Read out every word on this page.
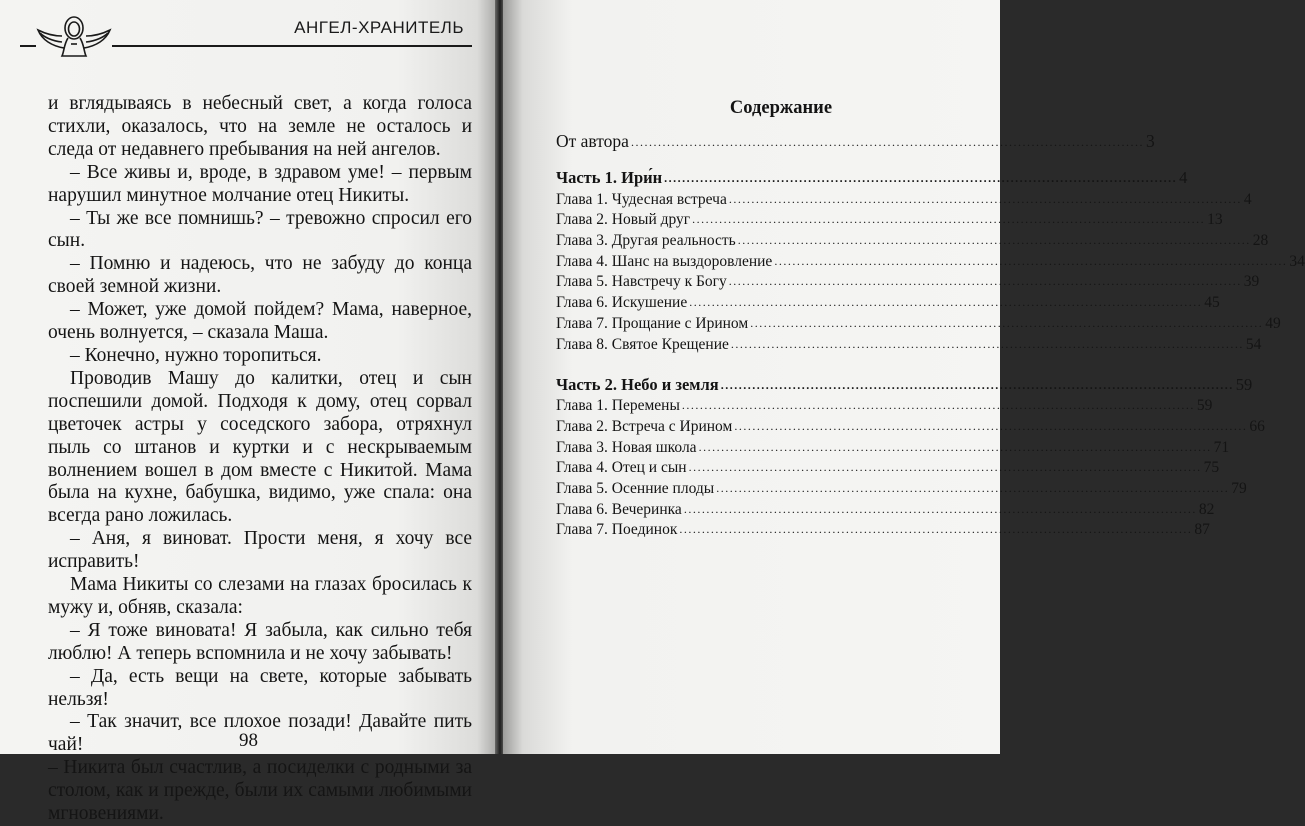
АНГЕЛ-ХРАНИТЕЛЬ

и вглядываясь в небесный свет, а когда голоса стихли, оказалось, что на земле не осталось и следа от недавнего пребывания на ней ангелов.

– Все живы и, вроде, в здравом уме! – первым нарушил минутное молчание отец Никиты.

– Ты же все помнишь? – тревожно спросил его сын.

– Помню и надеюсь, что не забуду до конца своей земной жизни.

– Может, уже домой пойдем? Мама, наверное, очень волнуется, – сказала Маша.

– Конечно, нужно торопиться.

Проводив Машу до калитки, отец и сын поспешили домой. Подходя к дому, отец сорвал цветочек астры у соседского забора, отряхнул пыль со штанов и куртки и с нескрываемым волнением вошел в дом вместе с Никитой. Мама была на кухне, бабушка, видимо, уже спала: она всегда рано ложилась.

– Аня, я виноват. Прости меня, я хочу все исправить!

Мама Никиты со слезами на глазах бросилась к мужу и, обняв, сказала:

– Я тоже виновата! Я забыла, как сильно тебя люблю! А теперь вспомнила и не хочу забывать!

– Да, есть вещи на свете, которые забывать нельзя!

– Так значит, все плохое позади! Давайте пить чай!

– Никита был счастлив, а посиделки с родными за столом, как и прежде, были их самыми любимыми мгновениями.

98
Содержание
От автора .................................................................................................................. 3
Часть 1. Ири́н .................................................................................................................. 4
Глава 1. Чудесная встреча .................................................................................................................. 4
Глава 2. Новый друг .................................................................................................................. 13
Глава 3. Другая реальность .................................................................................................................. 28
Глава 4. Шанс на выздоровление .................................................................................................................. 34
Глава 5. Навстречу к Богу .................................................................................................................. 39
Глава 6. Искушение .................................................................................................................. 45
Глава 7. Прощание с Ирином .................................................................................................................. 49
Глава 8. Святое Крещение .................................................................................................................. 54
Часть 2. Небо и земля .................................................................................................................. 59
Глава 1. Перемены .................................................................................................................. 59
Глава 2. Встреча с Ирином .................................................................................................................. 66
Глава 3. Новая школа .................................................................................................................. 71
Глава 4. Отец и сын .................................................................................................................. 75
Глава 5. Осенние плоды .................................................................................................................. 79
Глава 6. Вечеринка .................................................................................................................. 82
Глава 7. Поединок .................................................................................................................. 87
